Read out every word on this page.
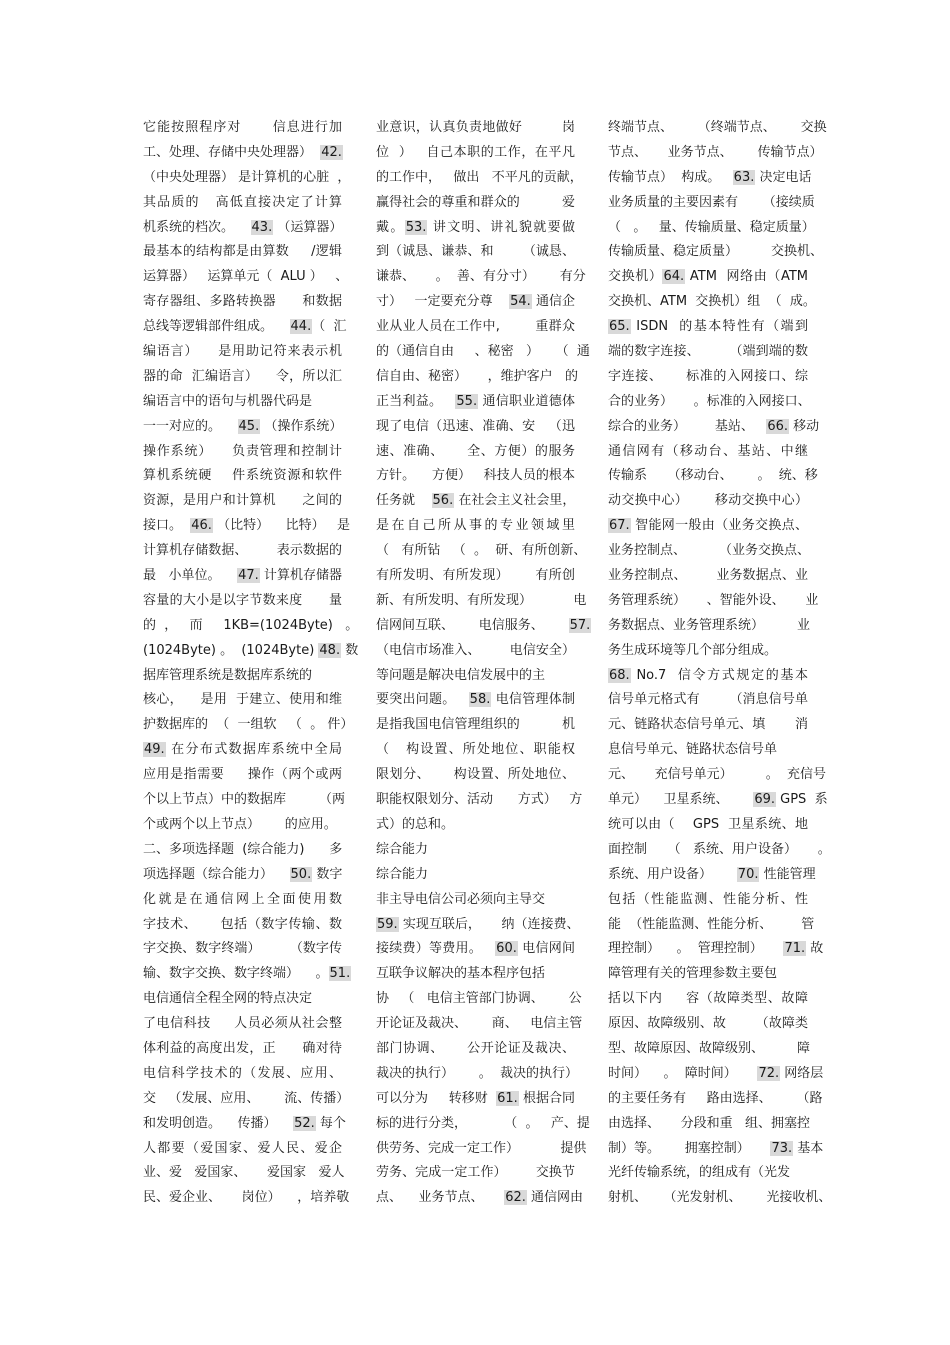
它能按照程序对      信息进行加
工、处理、存储中央处理器）  42.
（中央处理器） 是计算机的心脏  ，
其品质的   高低直接决定了计算
机系统的档次。    43. （运算器）
最基本的结构都是由算数     /逻辑
运算器）   运算单元（  ALU ）   、
寄存器组、多路转换器      和数据
总线等逻辑部件组成。    44.（  汇
编语言）    是用助记符来表示机
器的命  汇编语言）    令，所以汇
编语言中的语句与机器代码是
一一对应的。    45. （操作系统）
操作系统）    负责管理和控制计
算机系统硬    件系统资源和软件
资源，是用户和计算机      之间的
接口。  46. （比特）    比特）   是
计算机存储数据、       表示数据的
最   小单位。    47. 计算机存储器
容量的大小是以字节数来度      量
的  ，   而     1KB=(1024Byte)   。
(1024Byte) 。  (1024Byte) 48. 数
据库管理系统是数据库系统的
核心，    是用  于建立、使用和维
护数据库的  （  一组软   （  。 件）
49. 在分布式数据库系统中全局
应用是指需要     操作（两个或两
个以上节点）中的数据库        （两
个或两个以上节点）      的应用。
二、多项选择题  (综合能力)      多
项选择题（综合能力）    50. 数字
化就是在通信网上全面使用数
字技术、     包括（数字传输、数
字交换、数字终端）       （数字传
输、数字交换、数字终端）    。51.
电信通信全程全网的特点决定
了电信科技     人员必须从社会整
体利益的高度出发，正      确对待
电信科学技术的（发展、应用、
交   （发展、应用、      流、传播）
和发明创造。    传播）    52. 每个
人都要（爱国家、爱人民、爱企
业、爱   爱国家、     爱国家   爱人
民、爱企业、     岗位）    ，培养敬
业意识，认真负责地做好         岗
位  ）   自己本职的工作，在平凡
的工作中，   做出   不平凡的贡献，
赢得社会的尊重和群众的          爱
戴。53. 讲文明、讲礼貌就要做
到（诚恳、谦恭、和       （诚恳、
谦恭、     。  善、有分寸）      有分
寸）   一定要充分尊    54. 通信企
业从业人员在工作中,        重群众
的（通信自由     、秘密   ）    （  通
信自由、秘密）     ，维护客户   的
正当利益。   55. 通信职业道德体
现了电信（迅速、准确、安   （迅
速、准确、     全、方便）的服务
方针。    方便）   科技人员的根本
任务就    56. 在社会主义社会里，
是在自己所从事的专业领域里
（   有所钻   （  。  研、有所创新、
有所发明、有所发现）      有所创
新、有所发明、有所发现）          电
信网间互联、      电信服务、      57.
（电信市场准入、       电信安全）
等问题是解决电信发展中的主
要突出问题。   58. 电信管理体制
是指我国电信管理组织的          机
（   构设置、所处地位、职能权
限划分、     构设置、所处地位、
职能权限划分、活动      方式）   方
式）的总和。
综合能力
综合能力
非主导电信公司必须向主导交
59. 实现互联后，     纳（连接费、
接续费）等费用。   60. 电信网间
互联争议解决的基本程序包括
协   （   电信主管部门协调、      公
开论证及裁决、      商、   电信主管
部门协调、     公开论证及裁决、
裁决的执行）      。  裁决的执行）
可以分为     转移财  61. 根据合同
标的进行分类，         （  。   产、提
供劳务、完成一定工作）          提供
劳务、完成一定工作）       交换节
点、    业务节点、     62. 通信网由
终端节点、      （终端节点、      交换
节点、     业务节点、      传输节点）
传输节点）  构成。   63. 决定电话
业务质量的主要因素有      （接续质
（   。   量、传输质量、稳定质量）
传输质量、稳定质量）        交换机、
交换机）64. ATM  网络由（ATM
交换机、ATM  交换机）组  （  成。
65. ISDN  的基本特性有（端到
端的数字连接、       （端到端的数
字连接、     标准的入网接口、综
合的业务）     。标准的入网接口、
综合的业务）       基站、   66. 移动
通信网有（移动台、基站、中继
传输系     （移动台、      。  统、移
动交换中心）      移动交换中心）
67. 智能网一般由（业务交换点、
业务控制点、        （业务交换点、
业务控制点、       业务数据点、业
务管理系统）     、智能外设、     业
务数据点、业务管理系统）        业
务生成环境等几个部分组成。
68. No.7  信令方式规定的基本
信号单元格式有       （消息信号单
元、链路状态信号单元、填       消
息信号单元、链路状态信号单
元、     充信号单元）        。  充信号
单元）    卫星系统、      69. GPS  系
统可以由（    GPS  卫星系统、地
面控制     （   系统、用户设备）     。
系统、用户设备）      70. 性能管理
包括（性能监测、性能分析、性
能  （性能监测、性能分析、       管
理控制）    。  管理控制）     71. 故
障管理有关的管理参数主要包
括以下内     容（故障类型、故障
原因、故障级别、故       （故障类
型、故障原因、故障级别、        障
时间）    。  障时间）     72. 网络层
的主要任务有     路由选择、      （路
由选择、     分段和重   组、拥塞控
制）等。      拥塞控制）     73. 基本
光纤传输系统，的组成有（光发
射机、    （光发射机、      光接收机、
